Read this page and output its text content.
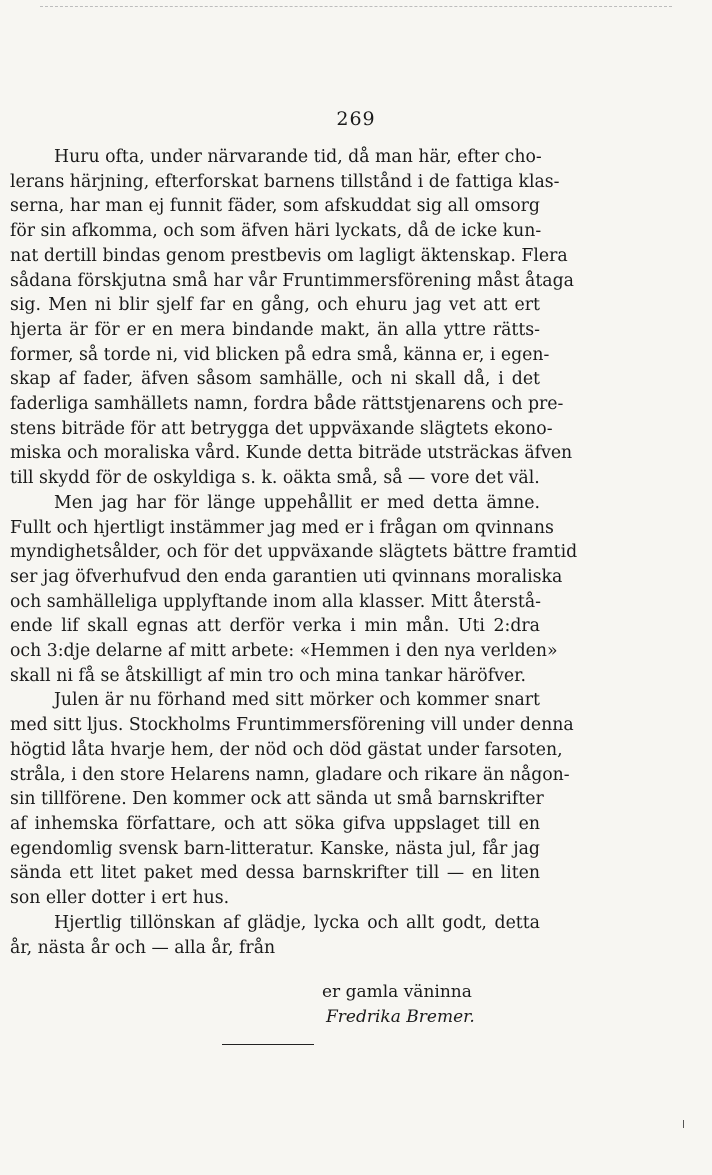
269
Huru ofta, under närvarande tid, då man här, efter cho-
lerans härjning, efterforskat barnens tillstånd i de fattiga klas-
serna, har man ej funnit fäder, som afskuddat sig all omsorg
för sin afkomma, och som äfven häri lyckats, då de icke kun-
nat dertill bindas genom prestbevis om lagligt äktenskap. Flera
sådana förskjutna små har vår Fruntimmersförening måst åtaga
sig. Men ni blir sjelf far en gång, och ehuru jag vet att ert
hjerta är för er en mera bindande makt, än alla yttre rätts-
former, så torde ni, vid blicken på edra små, känna er, i egen-
skap af fader, äfven såsom samhälle, och ni skall då, i det
faderliga samhällets namn, fordra både rättstjenarens och pre-
stens biträde för att betrygga det uppväxande slägtets ekono-
miska och moraliska vård. Kunde detta biträde utsträckas äfven
till skydd för de oskyldiga s. k. oäkta små, så — vore det väl.
Men jag har för länge uppehållit er med detta ämne.
Fullt och hjertligt instämmer jag med er i frågan om qvinnans
myndighetsålder, och för det uppväxande slägtets bättre framtid
ser jag öfverhufvud den enda garantien uti qvinnans moraliska
och samhälleliga upplyftande inom alla klasser. Mitt återstå-
ende lif skall egnas att derför verka i min mån. Uti 2:dra
och 3:dje delarne af mitt arbete: «Hemmen i den nya verlden»
skall ni få se åtskilligt af min tro och mina tankar häröfver.
Julen är nu förhand med sitt mörker och kommer snart
med sitt ljus. Stockholms Fruntimmersförening vill under denna
högtid låta hvarje hem, der nöd och död gästat under farsoten,
stråla, i den store Helarens namn, gladare och rikare än någon-
sin tillförene. Den kommer ock att sända ut små barnskrifter
af inhemska författare, och att söka gifva uppslaget till en
egendomlig svensk barn-litteratur. Kanske, nästa jul, får jag
sända ett litet paket med dessa barnskrifter till — en liten
son eller dotter i ert hus.
Hjertlig tillönskan af glädje, lycka och allt godt, detta
år, nästa år och — alla år, från
er gamla väninna
Fredrika Bremer.
